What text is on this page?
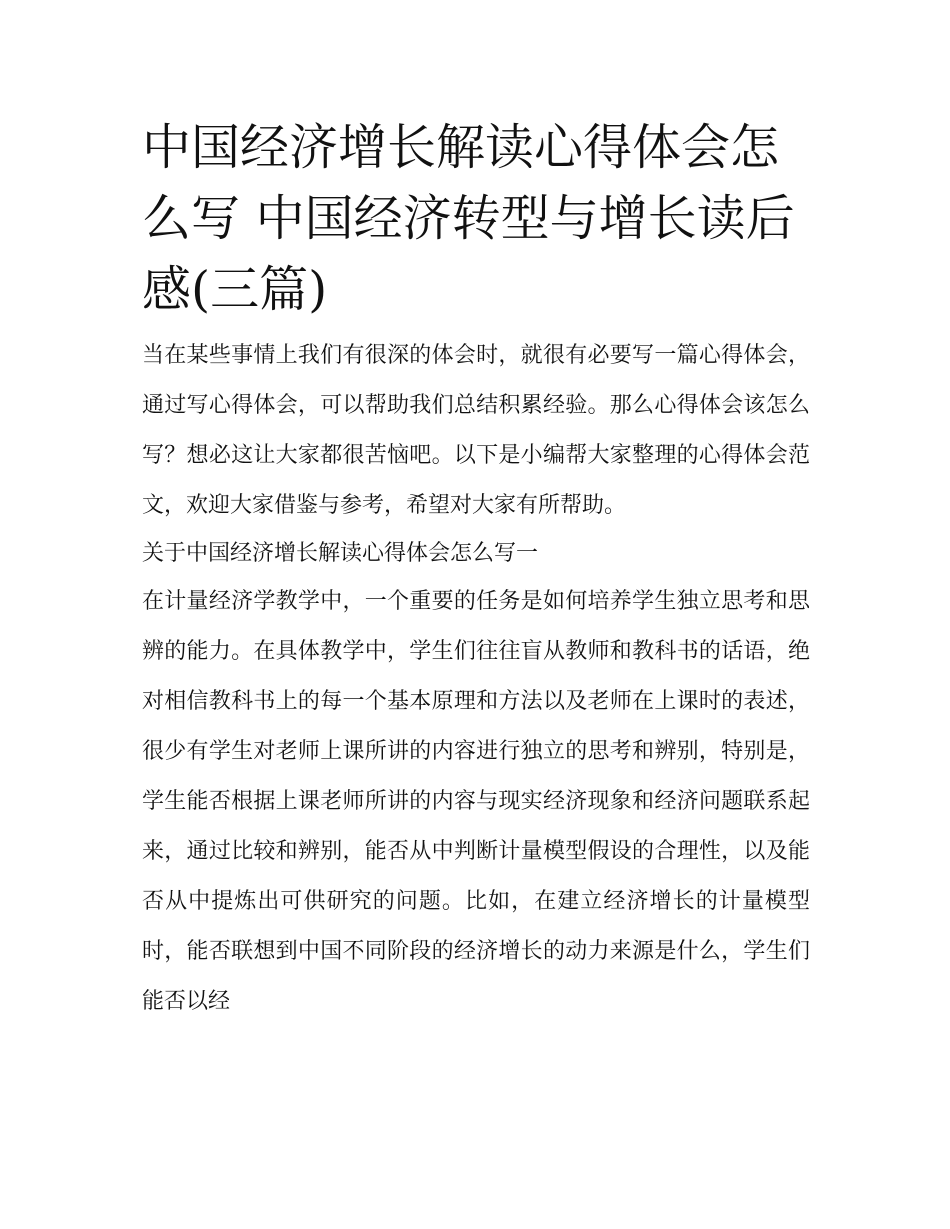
中国经济增长解读心得体会怎么写 中国经济转型与增长读后感(三篇)

当在某些事情上我们有很深的体会时，就很有必要写一篇心得体会，通过写心得体会，可以帮助我们总结积累经验。那么心得体会该怎么写？想必这让大家都很苦恼吧。以下是小编帮大家整理的心得体会范文，欢迎大家借鉴与参考，希望对大家有所帮助。

关于中国经济增长解读心得体会怎么写一

在计量经济学教学中，一个重要的任务是如何培养学生独立思考和思辨的能力。在具体教学中，学生们往往盲从教师和教科书的话语，绝对相信教科书上的每一个基本原理和方法以及老师在上课时的表述，很少有学生对老师上课所讲的内容进行独立的思考和辨别，特别是，学生能否根据上课老师所讲的内容与现实经济现象和经济问题联系起来，通过比较和辨别，能否从中判断计量模型假设的合理性，以及能否从中提炼出可供研究的问题。比如，在建立经济增长的计量模型时，能否联想到中国不同阶段的经济增长的动力来源是什么，学生们能否以经
